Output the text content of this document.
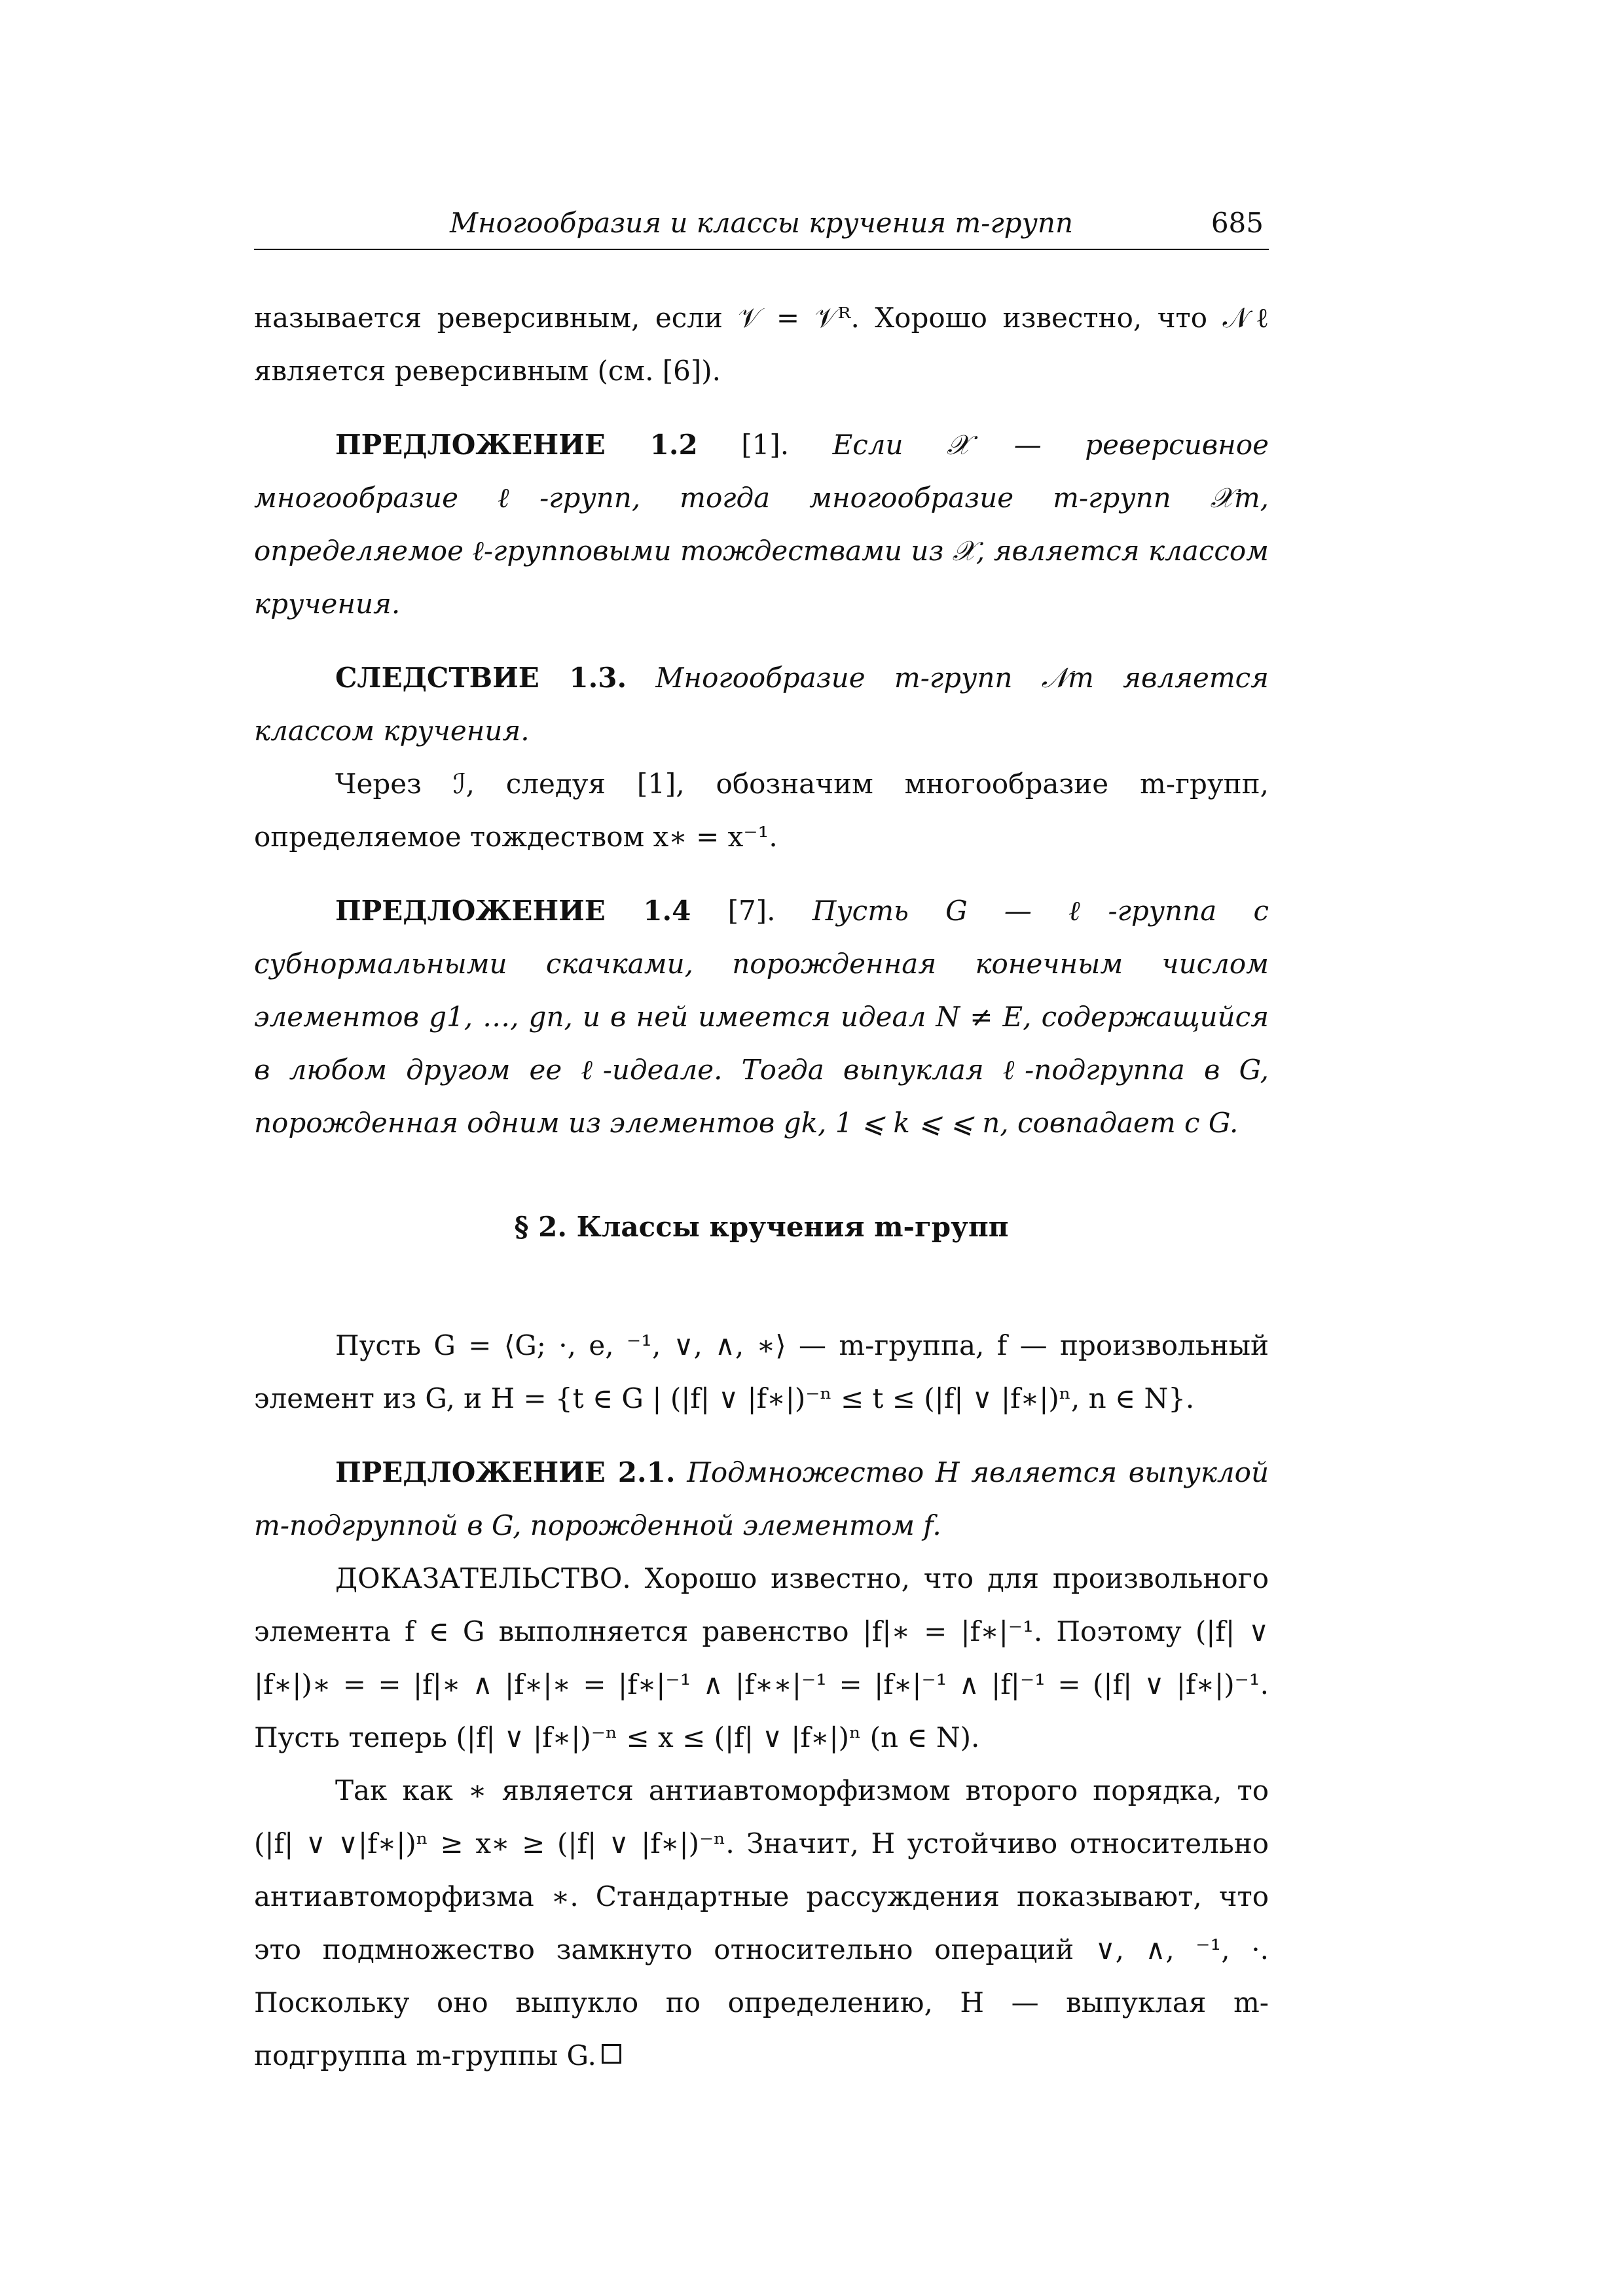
Многообразия и классы кручения m-групп	685

называется реверсивным, если 𝒱 = 𝒱ᴿ. Хорошо известно, что 𝒩ℓ является реверсивным (см. [6]).

ПРЕДЛОЖЕНИЕ 1.2 [1]. Если 𝒳 — реверсивное многообразие ℓ-групп, тогда многообразие m-групп 𝒳m, определяемое ℓ-групповыми тождествами из 𝒳, является классом кручения.

СЛЕДСТВИЕ 1.3. Многообразие m-групп 𝒩m является классом кручения.

Через ℐ, следуя [1], обозначим многообразие m-групп, определяемое тождеством x∗ = x⁻¹.

ПРЕДЛОЖЕНИЕ 1.4 [7]. Пусть G — ℓ-группа с субнормальными скачками, порожденная конечным числом элементов g1, …, gn, и в ней имеется идеал N ≠ E, содержащийся в любом другом ее ℓ-идеале. Тогда выпуклая ℓ-подгруппа в G, порожденная одним из элементов gk, 1 ⩽ k ⩽ ⩽ n, совпадает с G.

§ 2. Классы кручения m-групп

Пусть G = ⟨G; ·, e, ⁻¹, ∨, ∧, ∗⟩ — m-группа, f — произвольный элемент из G, и H = {t ∈ G | (|f| ∨ |f∗|)⁻ⁿ ≤ t ≤ (|f| ∨ |f∗|)ⁿ, n ∈ N}.

ПРЕДЛОЖЕНИЕ 2.1. Подмножество H является выпуклой m-подгруппой в G, порожденной элементом f.

ДОКАЗАТЕЛЬСТВО. Хорошо известно, что для произвольного элемента f ∈ G выполняется равенство |f|∗ = |f∗|⁻¹. Поэтому (|f| ∨ |f∗|)∗ = = |f|∗ ∧ |f∗|∗ = |f∗|⁻¹ ∧ |f∗∗|⁻¹ = |f∗|⁻¹ ∧ |f|⁻¹ = (|f| ∨ |f∗|)⁻¹. Пусть теперь (|f| ∨ |f∗|)⁻ⁿ ≤ x ≤ (|f| ∨ |f∗|)ⁿ (n ∈ N).

Так как ∗ является антиавтоморфизмом второго порядка, то (|f| ∨ ∨|f∗|)ⁿ ≥ x∗ ≥ (|f| ∨ |f∗|)⁻ⁿ. Значит, H устойчиво относительно антиавтоморфизма ∗. Стандартные рассуждения показывают, что это подмножество замкнуто относительно операций ∨, ∧, ⁻¹, ·. Поскольку оно выпукло по определению, H — выпуклая m-подгруппа m-группы G.
